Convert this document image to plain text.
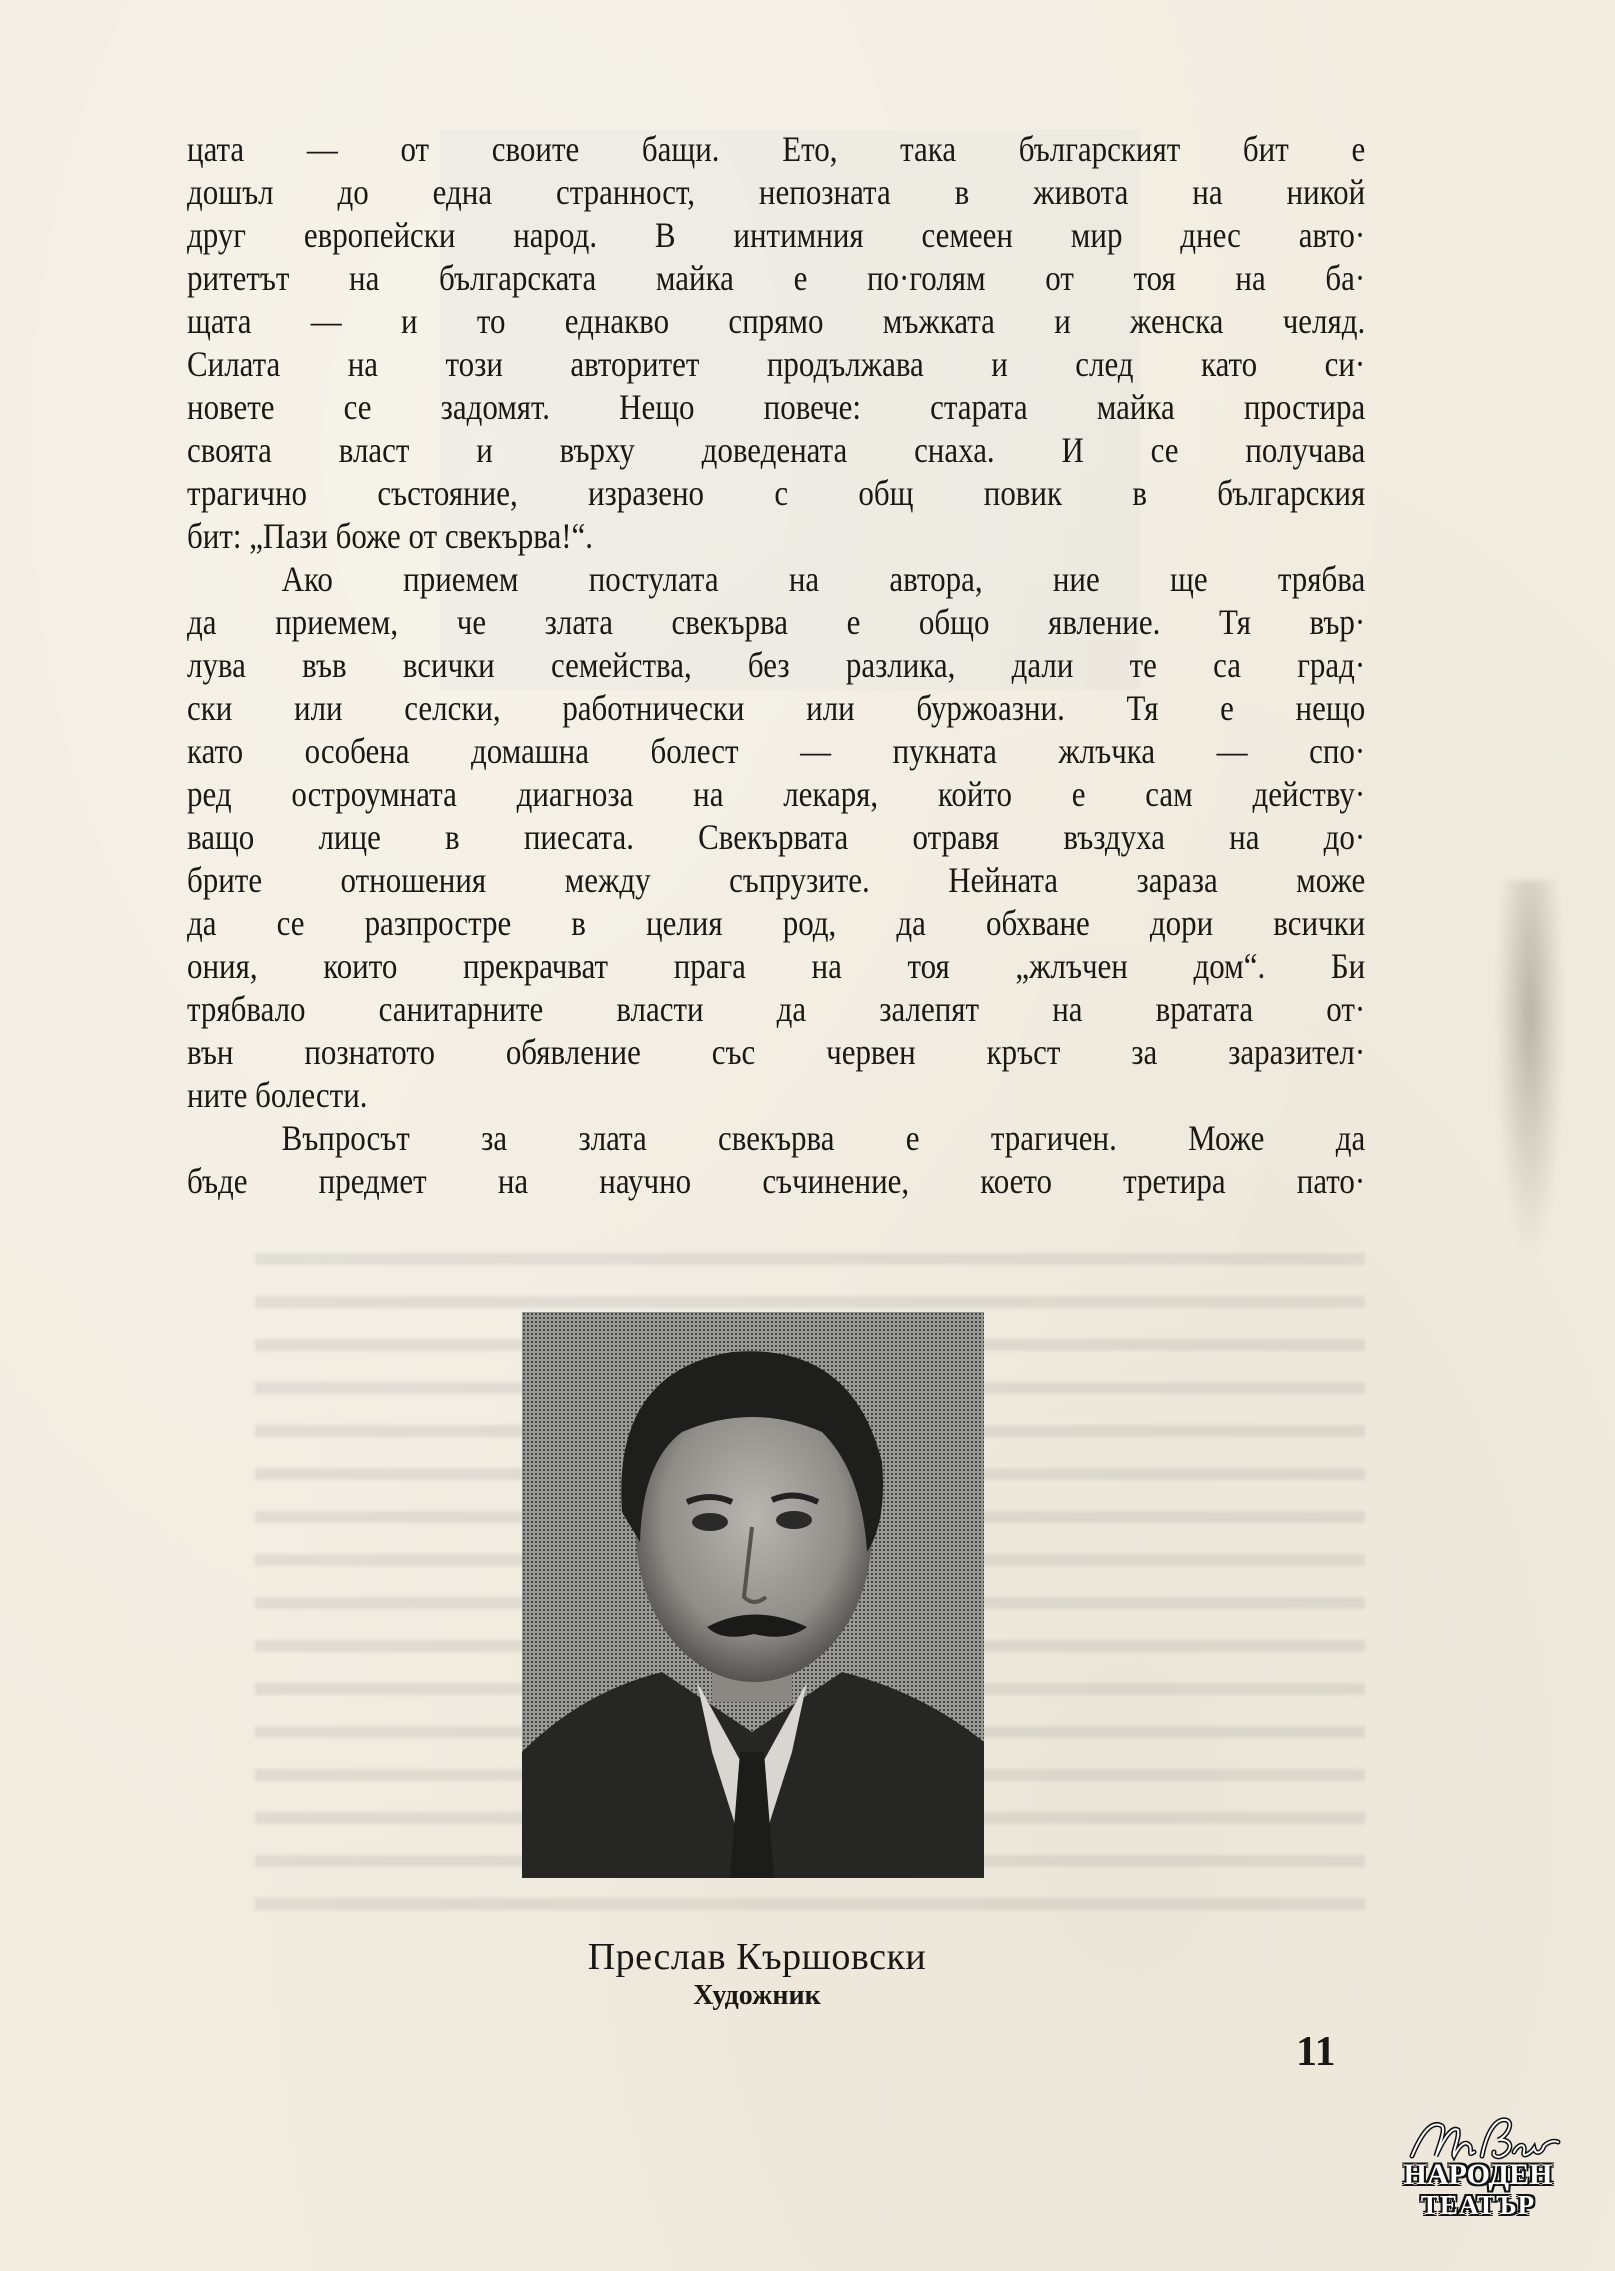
цата — от своите бащи. Ето, така българският бит е
дошъл до една странност, непозната в живота на никой
друг европейски народ. В интимния семеен мир днес авто·
ритетът на българската майка е по·голям от тоя на ба·
щата — и то еднакво спрямо мъжката и женска челяд.
Силата на този авторитет продължава и след като си·
новете се задомят. Нещо повече: старата майка простира
своята власт и върху доведената снаха. И се получава
трагично състояние, изразено с общ повик в българския
бит: „Пази боже от свекърва!“.
Ако приемем постулата на автора, ние ще трябва
да приемем, че злата свекърва е общо явление. Тя вър·
лува във всички семейства, без разлика, дали те са град·
ски или селски, работнически или буржоазни. Тя е нещо
като особена домашна болест — пукната жлъчка — спо·
ред остроумната диагноза на лекаря, който е сам действу·
ващо лице в пиесата. Свекървата отравя въздуха на до·
брите отношения между съпрузите. Нейната зараза може
да се разпростре в целия род, да обхване дори всички
ония, които прекрачват прага на тоя „жлъчен дом“. Би
трябвало санитарните власти да залепят на вратата от·
вън познатото обявление със червен кръст за заразител·
ните болести.
Въпросът за злата свекърва е трагичен. Може да
бъде предмет на научно съчинение, което третира пато·
Преслав Кършовски
Художник
11
НАРОДЕН
ТЕАТЪР
